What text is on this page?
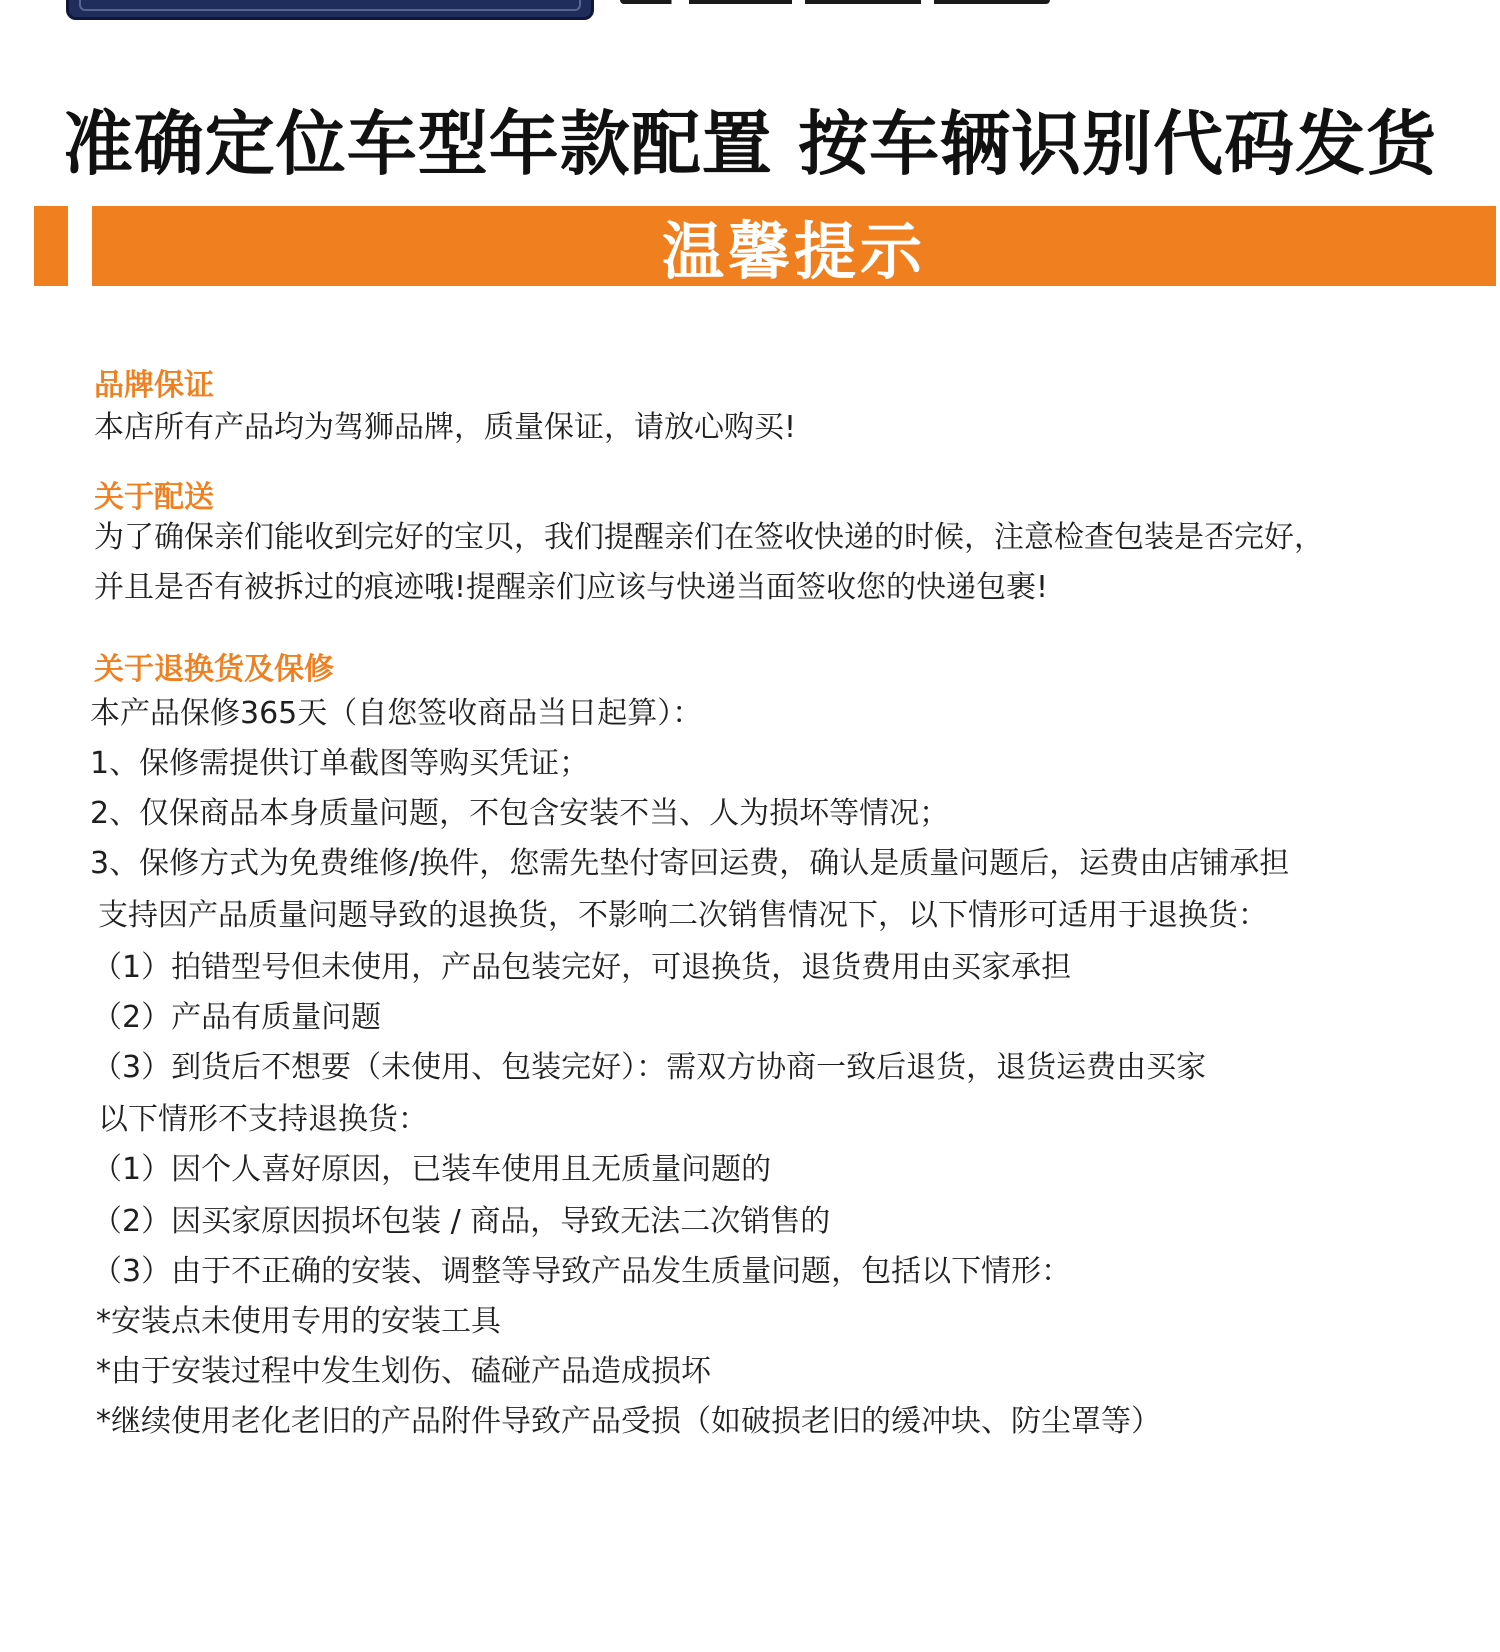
准确定位车型年款配置 按车辆识别代码发货
温馨提示
品牌保证
本店所有产品均为驾狮品牌，质量保证，请放心购买!
关于配送
为了确保亲们能收到完好的宝贝，我们提醒亲们在签收快递的时候，注意检查包装是否完好，
并且是否有被拆过的痕迹哦!提醒亲们应该与快递当面签收您的快递包裹!
关于退换货及保修
本产品保修365天（自您签收商品当日起算）：
1、保修需提供订单截图等购买凭证；
2、仅保商品本身质量问题，不包含安装不当、人为损坏等情况；
3、保修方式为免费维修/换件，您需先垫付寄回运费，确认是质量问题后，运费由店铺承担
支持因产品质量问题导致的退换货，不影响二次销售情况下，以下情形可适用于退换货：
（1）拍错型号但未使用，产品包装完好，可退换货，退货费用由买家承担
（2）产品有质量问题
（3）到货后不想要（未使用、包装完好）：需双方协商一致后退货，退货运费由买家
以下情形不支持退换货：
（1）因个人喜好原因，已装车使用且无质量问题的
（2）因买家原因损坏包装 / 商品，导致无法二次销售的
（3）由于不正确的安装、调整等导致产品发生质量问题，包括以下情形：
*安装点未使用专用的安装工具
*由于安装过程中发生划伤、磕碰产品造成损坏
*继续使用老化老旧的产品附件导致产品受损（如破损老旧的缓冲块、防尘罩等）
